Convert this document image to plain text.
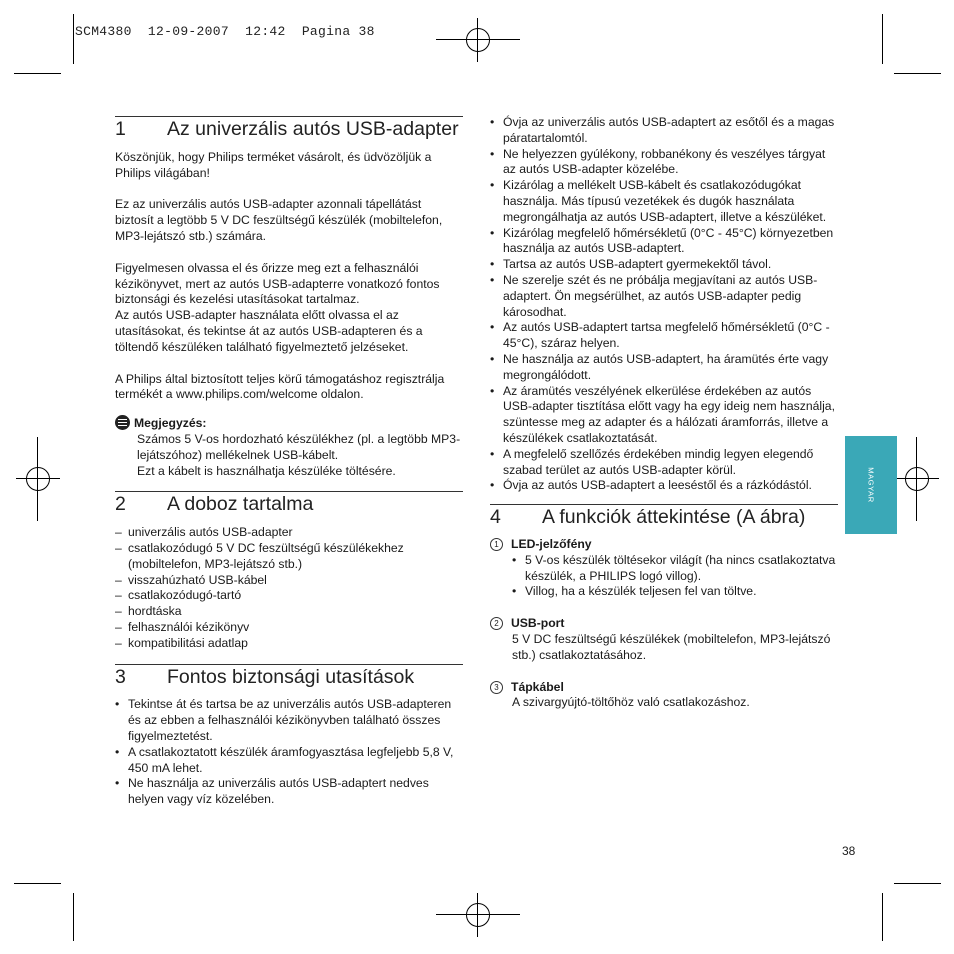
SCM4380  12-09-2007  12:42  Pagina 38
MAGYAR
1	Az univerzális autós USB-adapter

Köszönjük, hogy Philips terméket vásárolt, és üdvözöljük a Philips világában!

Ez az univerzális autós USB-adapter azonnali tápellátást biztosít a legtöbb 5 V DC feszültségű készülék (mobiltelefon, MP3-lejátszó stb.) számára.

Figyelmesen olvassa el és őrizze meg ezt a felhasználói kézikönyvet, mert az autós USB-adapterre vonatkozó fontos biztonsági és kezelési utasításokat tartalmaz.

Az autós USB-adapter használata előtt olvassa el az utasításokat, és tekintse át az autós USB-adapteren és a töltendő készüléken található figyelmeztető jelzéseket.

A Philips által biztosított teljes körű támogatáshoz regisztrálja termékét a www.philips.com/welcome oldalon.

Megjegyzés:

Számos 5 V-os hordozható készülékhez (pl. a legtöbb MP3-lejátszóhoz) mellékelnek USB-kábelt.

Ezt a kábelt is használhatja készüléke töltésére.

2	A doboz tartalma
– univerzális autós USB-adapter
– csatlakozódugó 5 V DC feszültségű készülékekhez (mobiltelefon, MP3-lejátszó stb.)
– visszahúzható USB-kábel
– csatlakozódugó-tartó
– hordtáska
– felhasználói kézikönyv
– kompatibilitási adatlap
3	Fontos biztonsági utasítások
• Tekintse át és tartsa be az univerzális autós USB-adapteren és az ebben a felhasználói kézikönyvben található összes figyelmeztetést.
• A csatlakoztatott készülék áramfogyasztása legfeljebb 5,8 V, 450 mA lehet.
• Ne használja az univerzális autós USB-adaptert nedves helyen vagy víz közelében.
• Óvja az univerzális autós USB-adaptert az esőtől és a magas páratartalomtól.
• Ne helyezzen gyúlékony, robbanékony és veszélyes tárgyat az autós USB-adapter közelébe.
• Kizárólag a mellékelt USB-kábelt és csatlakozódugókat használja. Más típusú vezetékek és dugók használata megrongálhatja az autós USB-adaptert, illetve a készüléket.
• Kizárólag megfelelő hőmérsékletű (0°C - 45°C) környezetben használja az autós USB-adaptert.
• Tartsa az autós USB-adaptert gyermekektől távol.
• Ne szerelje szét és ne próbálja megjavítani az autós USB-adaptert. Ön megsérülhet, az autós USB-adapter pedig károsodhat.
• Az autós USB-adaptert tartsa megfelelő hőmérsékletű (0°C - 45°C), száraz helyen.
• Ne használja az autós USB-adaptert, ha áramütés érte vagy megrongálódott.
• Az áramütés veszélyének elkerülése érdekében az autós USB-adapter tisztítása előtt vagy ha egy ideig nem használja, szüntesse meg az adapter és a hálózati áramforrás, illetve a készülékek csatlakoztatását.
• A megfelelő szellőzés érdekében mindig legyen elegendő szabad terület az autós USB-adapter körül.
• Óvja az autós USB-adaptert a leeséstől és a rázkódástól.
4	A funkciók áttekintése (A ábra)
1 LED-jelzőfény
• 5 V-os készülék töltésekor világít (ha nincs csatlakoztatva készülék, a PHILIPS logó villog).
• Villog, ha a készülék teljesen fel van töltve.
2 USB-port

5 V DC feszültségű készülékek (mobiltelefon, MP3-lejátszó stb.) csatlakoztatásához.

3 Tápkábel

A szivargyújtó-töltőhöz való csatlakozáshoz.

38
